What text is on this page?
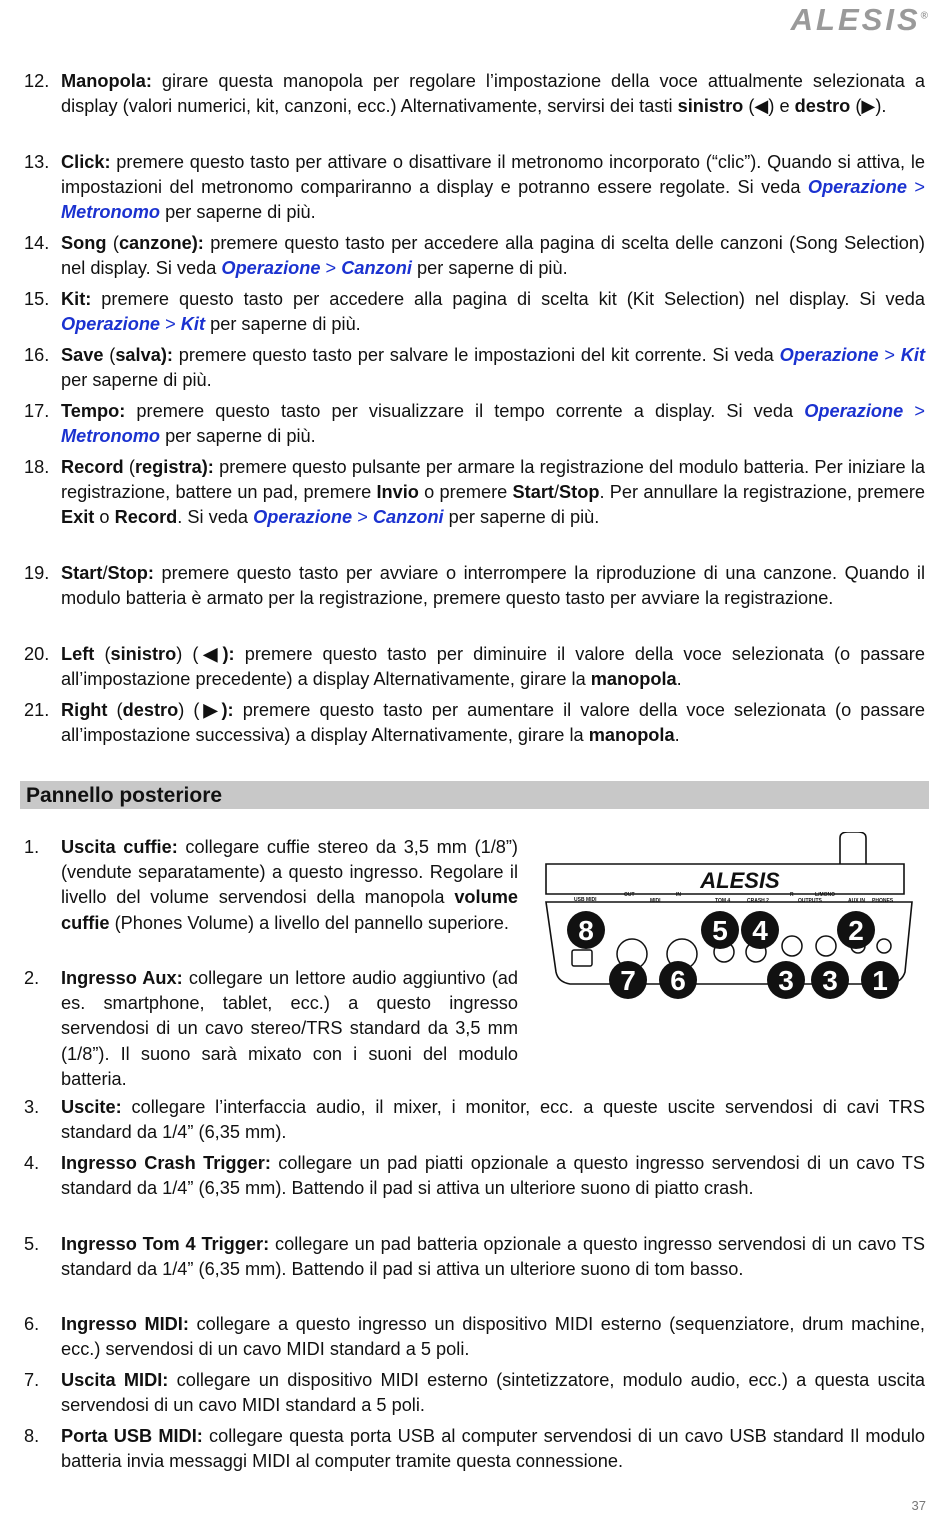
ALESIS®
12. Manopola: girare questa manopola per regolare l’impostazione della voce attualmente selezionata a display (valori numerici, kit, canzoni, ecc.) Alternativamente, servirsi dei tasti sinistro (◀) e destro (▶).
13. Click: premere questo tasto per attivare o disattivare il metronomo incorporato (“clic”). Quando si attiva, le impostazioni del metronomo compariranno a display e potranno essere regolate. Si veda Operazione > Metronomo per saperne di più.
14. Song (canzone): premere questo tasto per accedere alla pagina di scelta delle canzoni (Song Selection) nel display. Si veda Operazione > Canzoni per saperne di più.
15. Kit: premere questo tasto per accedere alla pagina di scelta kit (Kit Selection) nel display. Si veda Operazione > Kit per saperne di più.
16. Save (salva): premere questo tasto per salvare le impostazioni del kit corrente. Si veda Operazione > Kit per saperne di più.
17. Tempo: premere questo tasto per visualizzare il tempo corrente a display. Si veda Operazione > Metronomo per saperne di più.
18. Record (registra): premere questo pulsante per armare la registrazione del modulo batteria. Per iniziare la registrazione, battere un pad, premere Invio o premere Start/Stop. Per annullare la registrazione, premere Exit o Record. Si veda Operazione > Canzoni per saperne di più.
19. Start/Stop: premere questo tasto per avviare o interrompere la riproduzione di una canzone. Quando il modulo batteria è armato per la registrazione, premere questo tasto per avviare la registrazione.
20. Left (sinistro) (◀): premere questo tasto per diminuire il valore della voce selezionata (o passare all’impostazione precedente) a display Alternativamente, girare la manopola.
21. Right (destro) (▶): premere questo tasto per aumentare il valore della voce selezionata (o passare all’impostazione successiva) a display Alternativamente, girare la manopola.
Pannello posteriore
1. Uscita cuffie: collegare cuffie stereo da 3,5 mm (1/8”) (vendute separatamente) a questo ingresso. Regolare il livello del volume servendosi della manopola volume cuffie (Phones Volume) a livello del pannello superiore.
2. Ingresso Aux: collegare un lettore audio aggiuntivo (ad es. smartphone, tablet, ecc.) a questo ingresso servendosi di un cavo stereo/TRS standard da 3,5 mm (1/8”). Il suono sarà mixato con i suoni del modulo batteria.
3. Uscite: collegare l’interfaccia audio, il mixer, i monitor, ecc. a queste uscite servendosi di cavi TRS standard da 1/4” (6,35 mm).
4. Ingresso Crash Trigger: collegare un pad piatti opzionale a questo ingresso servendosi di un cavo TS standard da 1/4” (6,35 mm). Battendo il pad si attiva un ulteriore suono di piatto crash.
5. Ingresso Tom 4 Trigger: collegare un pad batteria opzionale a questo ingresso servendosi di un cavo TS standard da 1/4” (6,35 mm). Battendo il pad si attiva un ulteriore suono di tom basso.
6. Ingresso MIDI: collegare a questo ingresso un dispositivo MIDI esterno (sequenziatore, drum machine, ecc.) servendosi di un cavo MIDI standard a 5 poli.
7. Uscita MIDI: collegare un dispositivo MIDI esterno (sintetizzatore, modulo audio, ecc.) a questa uscita servendosi di un cavo MIDI standard a 5 poli.
8. Porta USB MIDI: collegare questa porta USB al computer servendosi di un cavo USB standard Il modulo batteria invia messaggi MIDI al computer tramite questa connessione.
ALESIS
USB MIDI
OUT
MIDI
IN
TOM 4	CRASH 2
R
OUTPUTS
L/MONO
AUX IN PHONES
8	5 4	2
7 6	3 3 1
37
